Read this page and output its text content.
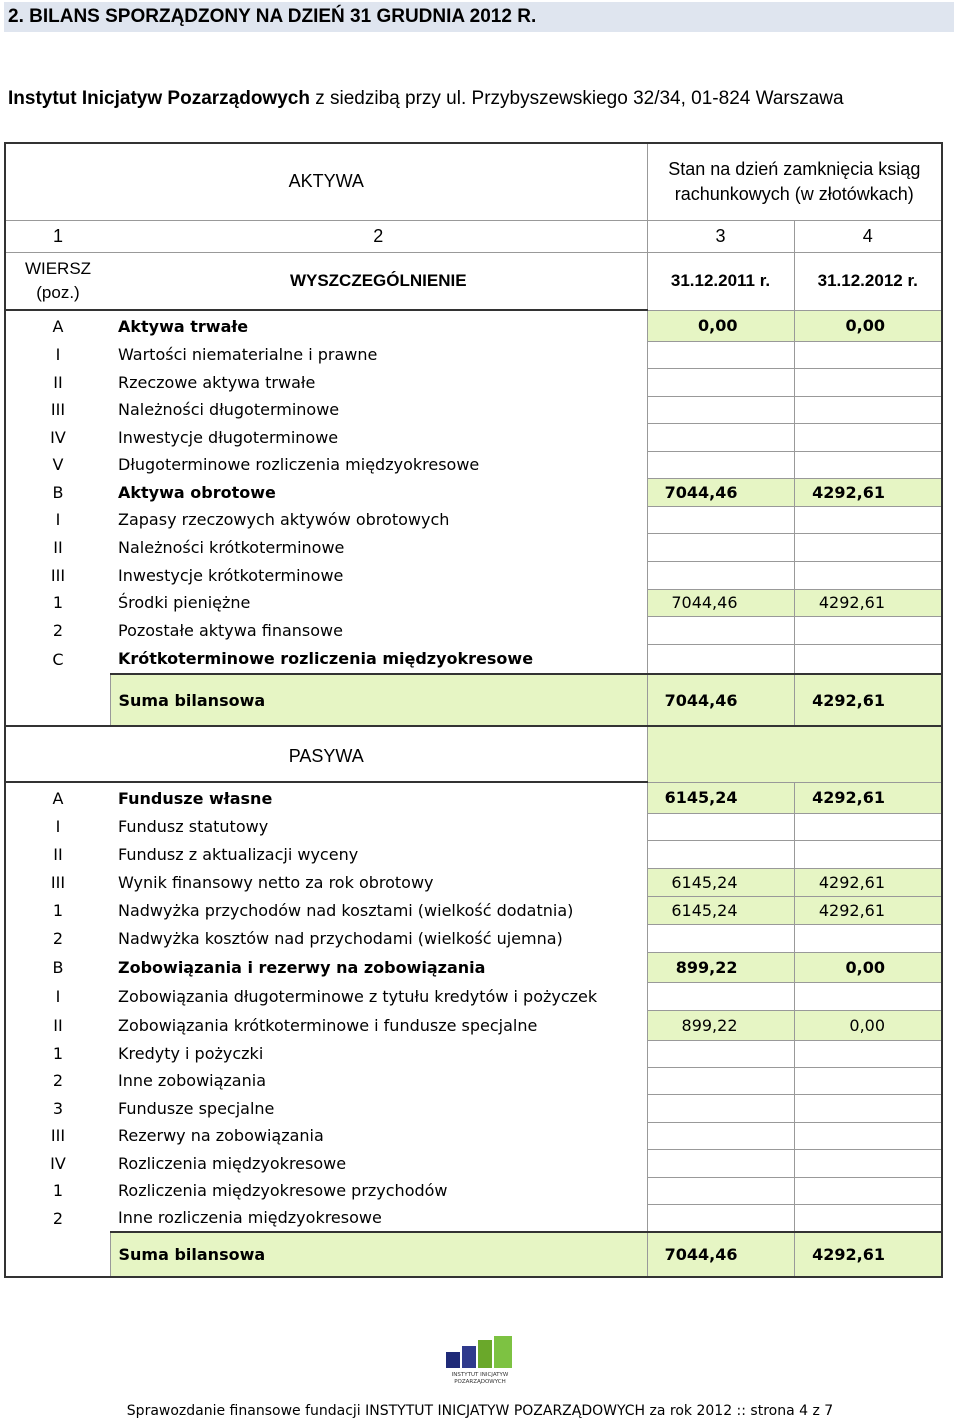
2. BILANS SPORZĄDZONY NA DZIEŃ 31 GRUDNIA 2012 R.
Instytut Inicjatyw Pozarządowych z siedzibą przy ul. Przybyszewskiego 32/34, 01-824 Warszawa
AKTYWA		Stan na dzień zamknięcia ksiąg rachunkowych (w złotówkach)	
1	2	3	4
WIERSZ (poz.)	WYSZCZEGÓLNIENIE	31.12.2011 r.	31.12.2012 r.
A	Aktywa trwałe	0,00	0,00
I	Wartości niematerialne i prawne		
II	Rzeczowe aktywa trwałe		
III	Należności długoterminowe		
IV	Inwestycje długoterminowe		
V	Długoterminowe rozliczenia międzyokresowe		
B	Aktywa obrotowe	7044,46	4292,61
I	Zapasy rzeczowych aktywów obrotowych		
II	Należności krótkoterminowe		
III	Inwestycje krótkoterminowe		
1	Środki pieniężne	7044,46	4292,61
2	Pozostałe aktywa finansowe		
C	Krótkoterminowe rozliczenia międzyokresowe		
	Suma bilansowa	7044,46	4292,61
PASYWA			
A	Fundusze własne	6145,24	4292,61
I	Fundusz statutowy		
II	Fundusz z aktualizacji wyceny		
III	Wynik finansowy netto za rok obrotowy	6145,24	4292,61
1	Nadwyżka przychodów nad kosztami (wielkość dodatnia)	6145,24	4292,61
2	Nadwyżka kosztów nad przychodami (wielkość ujemna)		
B	Zobowiązania i rezerwy na zobowiązania	899,22	0,00
I	Zobowiązania długoterminowe z tytułu kredytów i pożyczek		
II	Zobowiązania krótkoterminowe i fundusze specjalne	899,22	0,00
1	Kredyty i pożyczki		
2	Inne zobowiązania		
3	Fundusze specjalne		
III	Rezerwy na zobowiązania		
IV	Rozliczenia międzyokresowe		
1	Rozliczenia międzyokresowe przychodów		
2	Inne rozliczenia międzyokresowe		
	Suma bilansowa	7044,46	4292,61
INSTYTUT INICJATYW
POZARZĄDOWYCH
Sprawozdanie finansowe fundacji INSTYTUT INICJATYW POZARZĄDOWYCH za rok 2012 :: strona 4 z 7
